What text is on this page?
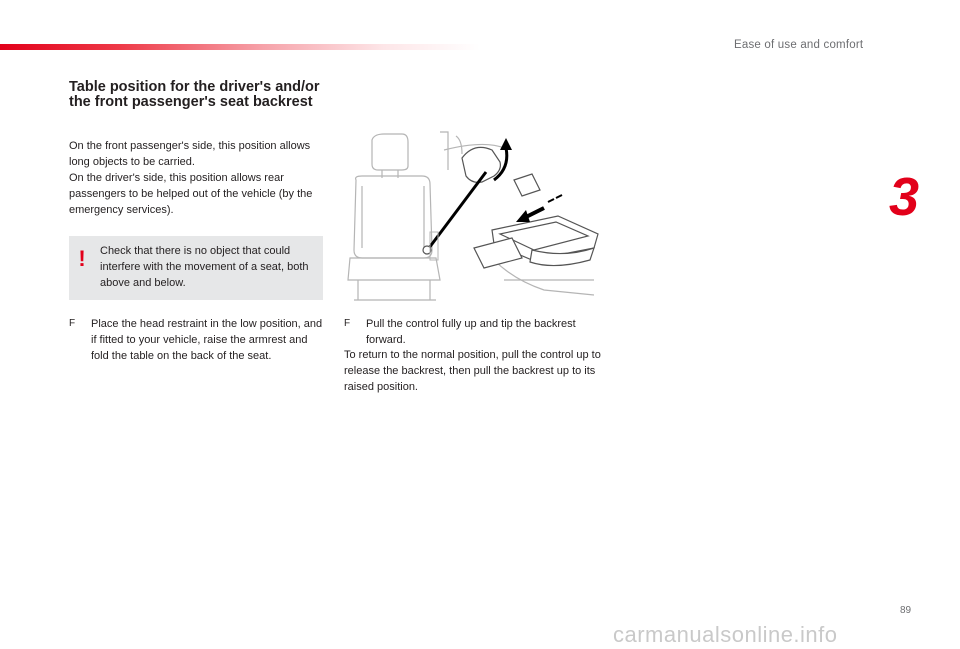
Ease of use and comfort
3
Table position for the driver's and/or the front passenger's seat backrest

On the front passenger's side, this position allows long objects to be carried.

On the driver's side, this position allows rear passengers to be helped out of the vehicle (by the emergency services).

! Check that there is no object that could interfere with the movement of a seat, both above and below.
F	Place the head restraint in the low position, and if fitted to your vehicle, raise the armrest and fold the table on the back of the seat.
F	Pull the control fully up and tip the backrest forward.
To return to the normal position, pull the control up to release the backrest, then pull the backrest up to its raised position.
89
carmanualsonline.info
